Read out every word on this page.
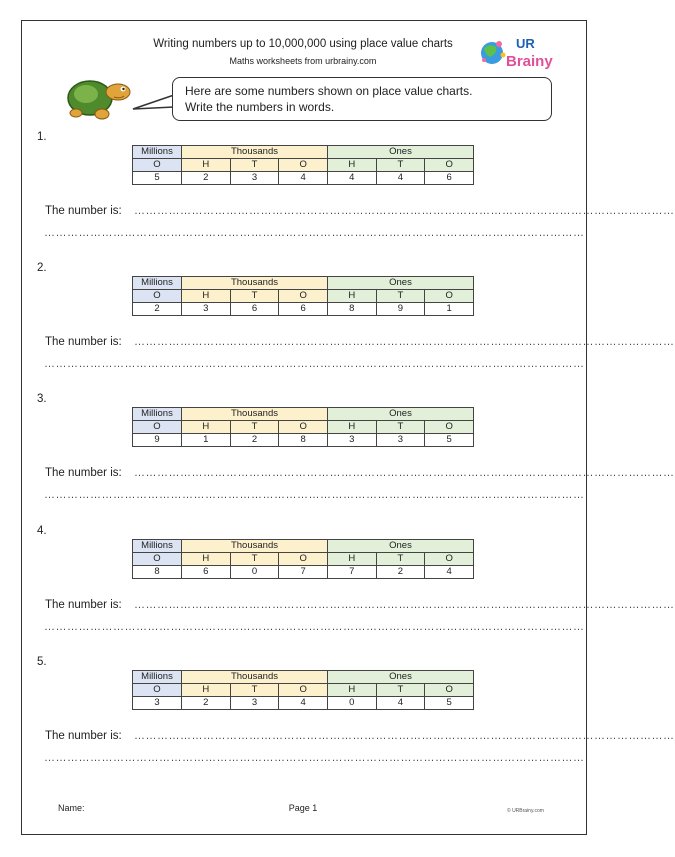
Writing numbers up to 10,000,000 using place value charts
Maths worksheets from urbrainy.com
UR
Brainy
Here are some numbers shown on place value charts.
Write the numbers in words.
1.
Millions	Thousands			Ones		
O	H	T	O	H	T	O
5	2	3	4	4	4	6
The number is: ……………………………………………………………………………………………………………………………
……………………………………………………………………………………………………………………………
2.
Millions	Thousands			Ones		
O	H	T	O	H	T	O
2	3	6	6	8	9	1
The number is: ……………………………………………………………………………………………………………………………
……………………………………………………………………………………………………………………………
3.
Millions	Thousands			Ones		
O	H	T	O	H	T	O
9	1	2	8	3	3	5
The number is: ……………………………………………………………………………………………………………………………
……………………………………………………………………………………………………………………………
4.
Millions	Thousands			Ones		
O	H	T	O	H	T	O
8	6	0	7	7	2	4
The number is: ……………………………………………………………………………………………………………………………
……………………………………………………………………………………………………………………………
5.
Millions	Thousands			Ones		
O	H	T	O	H	T	O
3	2	3	4	0	4	5
The number is: ……………………………………………………………………………………………………………………………
……………………………………………………………………………………………………………………………
Name:	Page 1	© URBrainy.com
